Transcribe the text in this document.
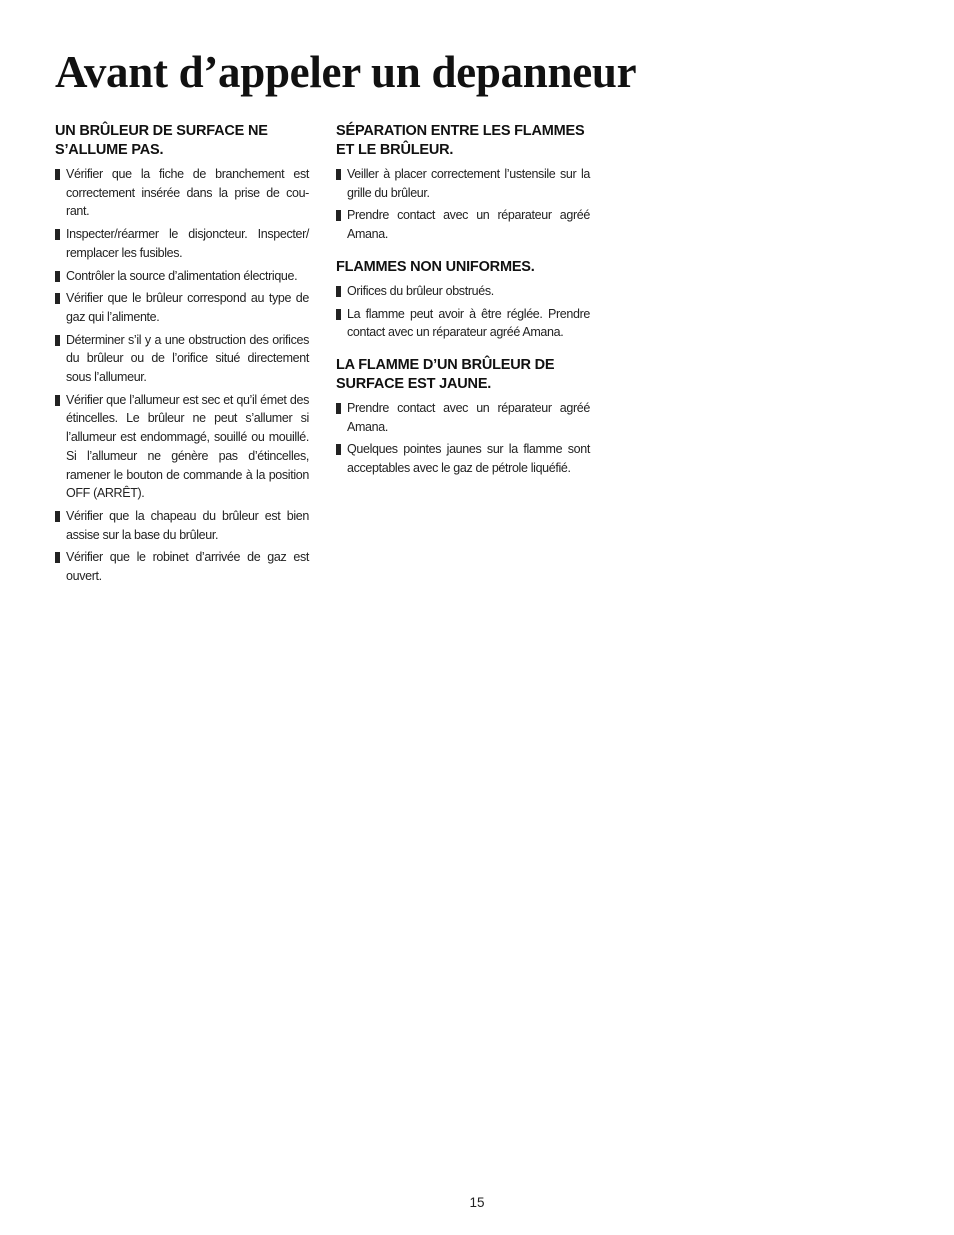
Avant d’appeler un depanneur
UN BRÛLEUR DE SURFACE NE S’ALLUME PAS.
Vérifier que la fiche de branchement est correctement insérée dans la prise de cou-rant.
Inspecter/réarmer le disjoncteur. Inspecter/ remplacer les fusibles.
Contrôler la source d’alimentation électrique.
Vérifier que le brûleur correspond au type de gaz qui l’alimente.
Déterminer s’il y a une obstruction des orifices du brûleur ou de l’orifice situé directement sous l’allumeur.
Vérifier que l’allumeur est sec et qu’il émet des étincelles. Le brûleur ne peut s’allumer si l’allumeur est endommagé, souillé ou mouillé. Si l’allumeur ne génère pas d’étincelles, ramener le bouton de commande à la position OFF (ARRÊT).
Vérifier que la chapeau du brûleur est bien assise sur la base du brûleur.
Vérifier que le robinet d’arrivée de gaz est ouvert.
SÉPARATION ENTRE LES FLAMMES ET LE BRÛLEUR.
Veiller à placer correctement l’ustensile sur la grille du brûleur.
Prendre contact avec un réparateur agréé Amana.
FLAMMES NON UNIFORMES.
Orifices du brûleur obstrués.
La flamme peut avoir à être réglée. Prendre contact avec un réparateur agréé Amana.
LA FLAMME D’UN BRÛLEUR DE SURFACE EST JAUNE.
Prendre contact avec un réparateur agréé Amana.
Quelques pointes jaunes sur la flamme sont acceptables avec le gaz de pétrole liquéfié.
15
